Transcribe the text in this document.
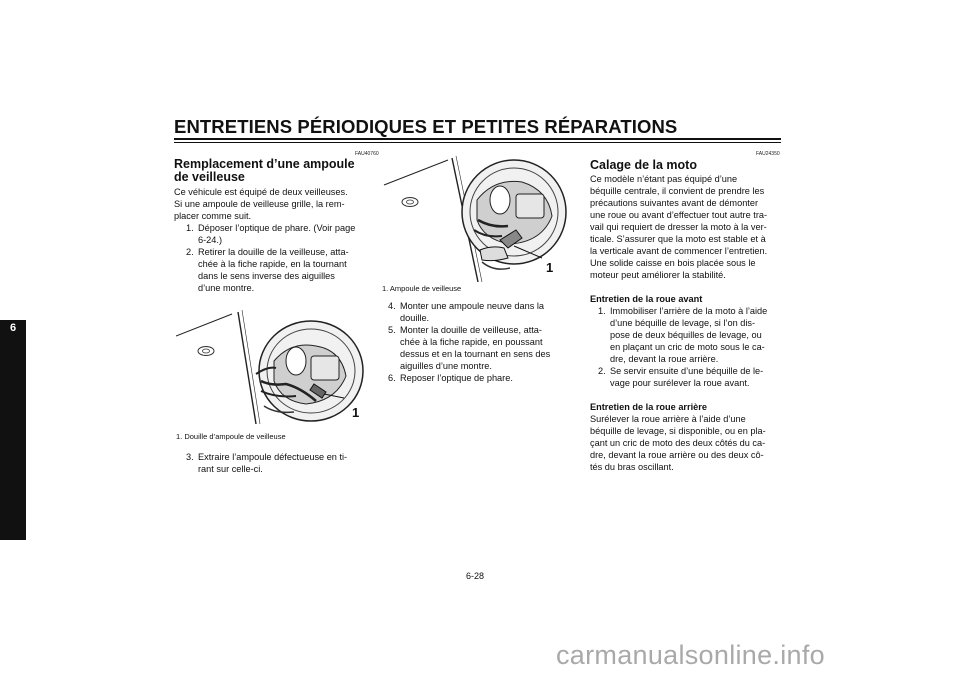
ENTRETIENS PÉRIODIQUES ET PETITES RÉPARATIONS
6
FAU40760
Remplacement d’une ampoule
de veilleuse
Ce véhicule est équipé de deux veilleuses.
Si une ampoule de veilleuse grille, la rem-
placer comme suit.
1. Déposer l’optique de phare. (Voir page
6-24.)
2. Retirer la douille de la veilleuse, atta-
chée à la fiche rapide, en la tournant
dans le sens inverse des aiguilles
d’une montre.
1
1. Douille d’ampoule de veilleuse
3. Extraire l’ampoule défectueuse en ti-
rant sur celle-ci.
1
1. Ampoule de veilleuse
4. Monter une ampoule neuve dans la
douille.
5. Monter la douille de veilleuse, atta-
chée à la fiche rapide, en poussant
dessus et en la tournant en sens des
aiguilles d’une montre.
6. Reposer l’optique de phare.
FAU24350
Calage de la moto
Ce modèle n’étant pas équipé d’une
béquille centrale, il convient de prendre les
précautions suivantes avant de démonter
une roue ou avant d’effectuer tout autre tra-
vail qui requiert de dresser la moto à la ver-
ticale. S’assurer que la moto est stable et à
la verticale avant de commencer l’entretien.
Une solide caisse en bois placée sous le
moteur peut améliorer la stabilité.
Entretien de la roue avant
1. Immobiliser l’arrière de la moto à l’aide
d’une béquille de levage, si l’on dis-
pose de deux béquilles de levage, ou
en plaçant un cric de moto sous le ca-
dre, devant la roue arrière.
2. Se servir ensuite d’une béquille de le-
vage pour surélever la roue avant.
Entretien de la roue arrière
Surélever la roue arrière à l’aide d’une
béquille de levage, si disponible, ou en pla-
çant un cric de moto des deux côtés du ca-
dre, devant la roue arrière ou des deux cô-
tés du bras oscillant.
6-28
carmanualsonline.info
